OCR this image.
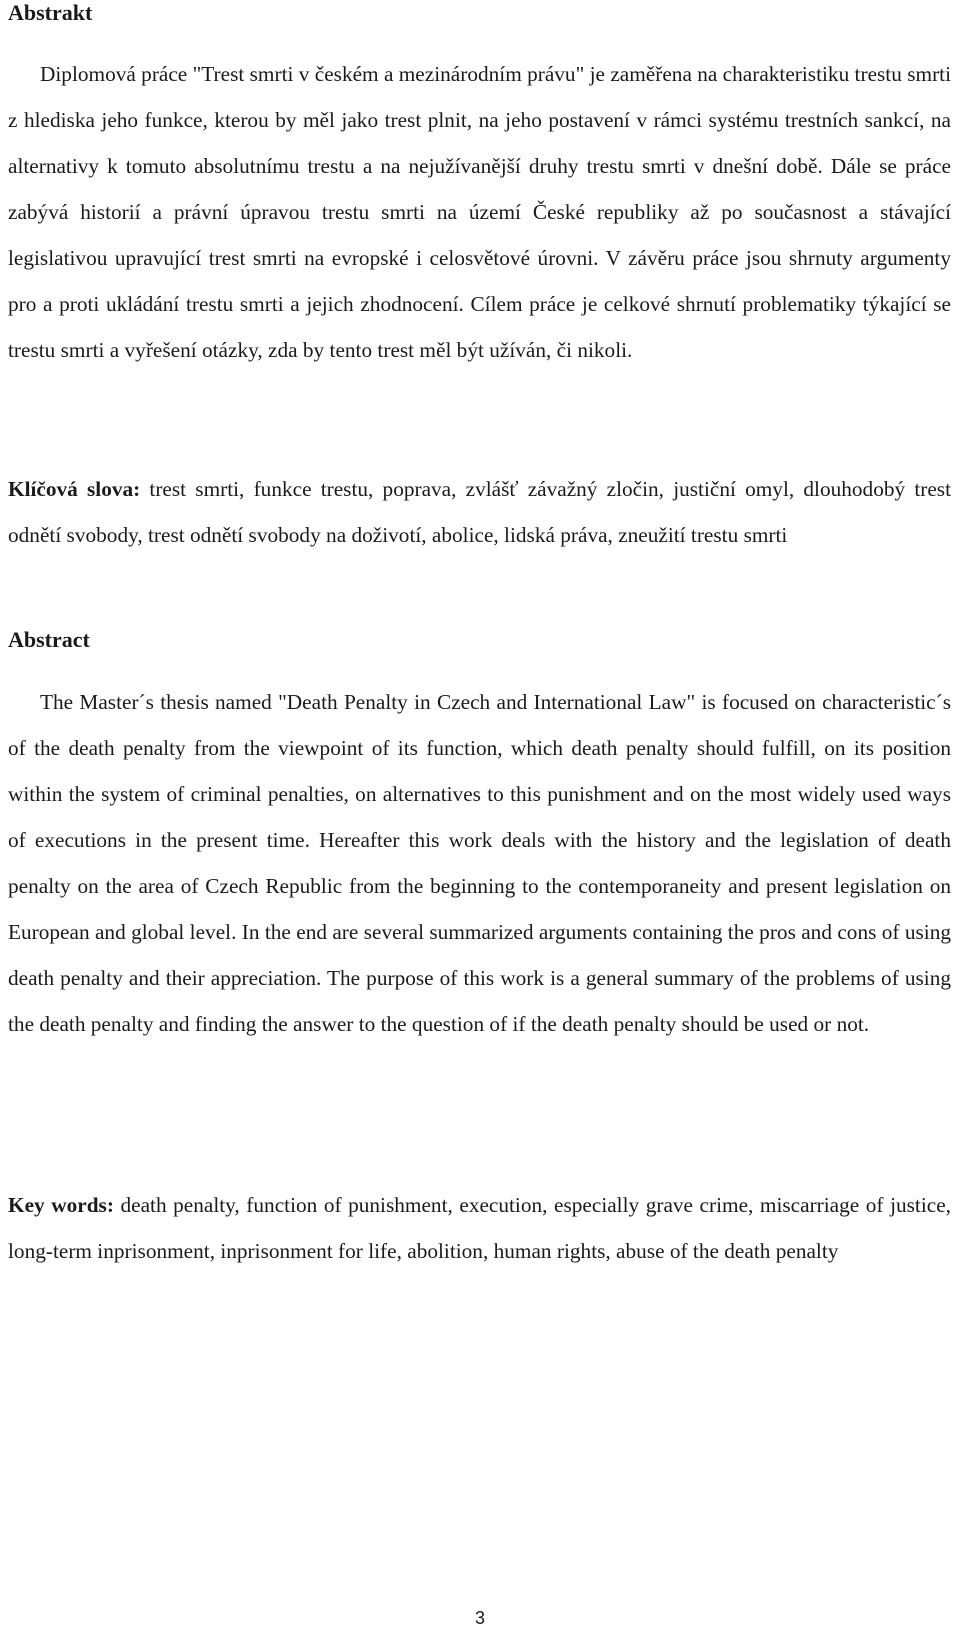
Abstrakt

Diplomová práce "Trest smrti v českém a mezinárodním právu" je zaměřena na charakteristiku trestu smrti z hlediska jeho funkce, kterou by měl jako trest plnit, na jeho postavení v rámci systému trestních sankcí, na alternativy k tomuto absolutnímu trestu a na nejužívanější druhy trestu smrti v dnešní době. Dále se práce zabývá historií a právní úpravou trestu smrti na území České republiky až po současnost a stávající legislativou upravující trest smrti na evropské i celosvětové úrovni. V závěru práce jsou shrnuty argumenty pro a proti ukládání trestu smrti a jejich zhodnocení. Cílem práce je celkové shrnutí problematiky týkající se trestu smrti a vyřešení otázky, zda by tento trest měl být užíván, či nikoli.

Klíčová slova: trest smrti, funkce trestu, poprava, zvlášť závažný zločin, justiční omyl, dlouhodobý trest odnětí svobody, trest odnětí svobody na doživotí, abolice, lidská práva, zneužití trestu smrti

Abstract

The Master´s thesis named "Death Penalty in Czech and International Law" is focused on characteristic´s of the death penalty from the viewpoint of its function, which death penalty should fulfill, on its position within the system of criminal penalties, on alternatives to this punishment and on the most widely used ways of executions in the present time. Hereafter this work deals with the history and the legislation of death penalty on the area of Czech Republic from the beginning to the contemporaneity and present legislation on European and global level. In the end are several summarized arguments containing the pros and cons of using death penalty and their appreciation. The purpose of this work is a general summary of the problems of using the death penalty and finding the answer to the question of if the death penalty should be used or not.

Key words: death penalty, function of punishment, execution, especially grave crime, miscarriage of justice, long-term inprisonment, inprisonment for life, abolition, human rights, abuse of the death penalty

3
